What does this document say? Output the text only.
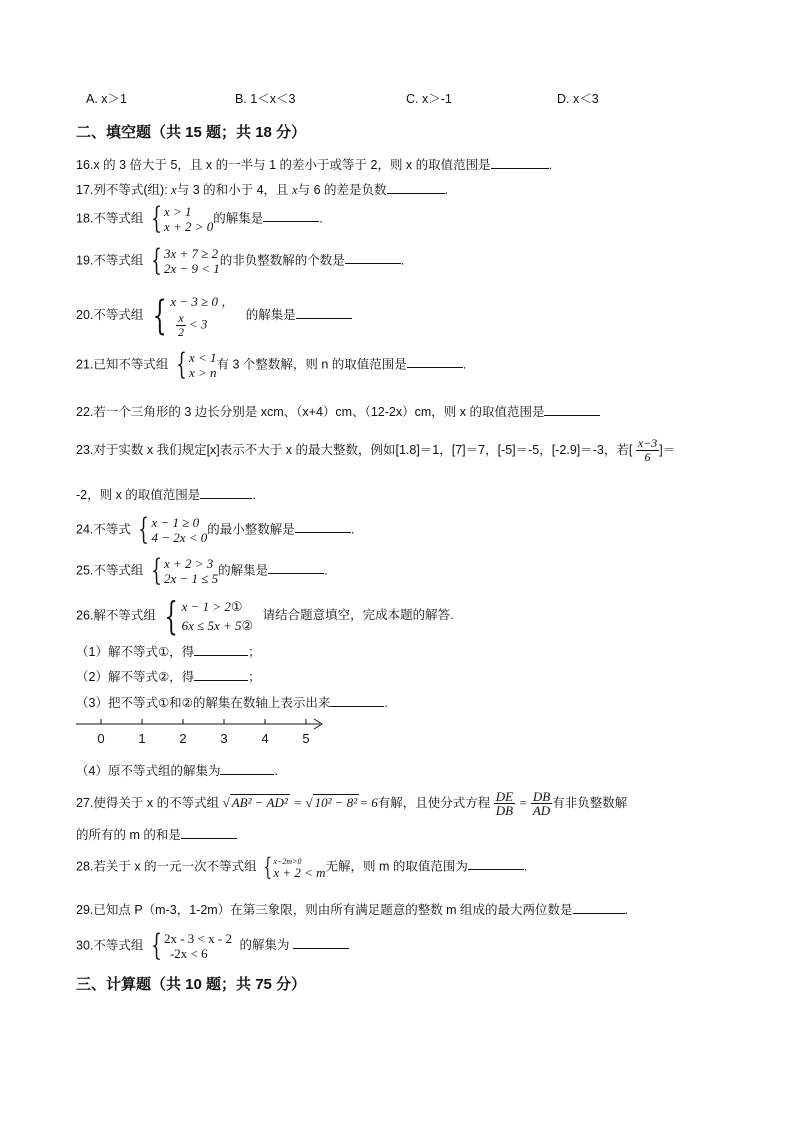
A. x＞1	B. 1＜x＜3	C. x＞-1	D. x＜3
二、填空题（共 15 题；共 18 分）
16.x 的 3 倍大于 5，且 x 的一半与 1 的差小于或等于 2，则 x 的取值范围是	.
17.列不等式(组): x与 3 的和小于 4，且 x与 6 的差是负数	.
18.不等式组 { x > 1
x + 2 > 0
的解集是	.
19.不等式组 { 3x + 7 ≥ 2
2x − 9 < 1
的非负整数解的个数是	.
20.不等式组 { x − 3 ≥ 0 ，
$\frac{x}{2} < 3$
的解集是
21.已知不等式组 { x < 1
x > n
有 3 个整数解，则 n 的取值范围是	.
22.若一个三角形的 3 边长分别是 xcm、（x+4）cm、（12-2x）cm，则 x 的取值范围是
23.对于实数 x 我们规定[x]表示不大于 x 的最大整数，例如[1.8]＝1，[7]＝7，[-5]＝-5，[-2.9]＝-3，若[ $\frac{x-3}{6}$ ]＝
-2，则 x 的取值范围是	.
24.不等式 { x − 1 ≥ 0
4 − 2x < 0
的最小整数解是	.
25.不等式组 { x + 2 > 3
2x − 1 ≤ 5
的解集是	.
26.解不等式组 { x − 1 > 2①
6x ≤ 5x + 5②
请结合题意填空，完成本题的解答.
（1）解不等式①，得	；
（2）解不等式②，得	；
（3）把不等式①和②的解集在数轴上表示出来	.
0	1	2	3	4	5
（4）原不等式组的解集为	.
27.使得关于 x 的不等式组 √ AB² − AD² = √ 10² − 8² = 6有解，且使分式方程 $\frac{DE}{DB} = \frac{DB}{AD}$ 有非负整数解
的所有的 m 的和是
28.若关于 x 的一元一次不等式组 { x−2m>0
x + 2 < m 无解，则 m 的取值范围为	.
29.已知点 P（m-3，1-2m）在第三象限，则由所有满足题意的整数 m 组成的最大两位数是	.
30.不等式组 { 2x - 3 < x - 2
-2x < 6
的解集为
三、计算题（共 10 题；共 75 分）
